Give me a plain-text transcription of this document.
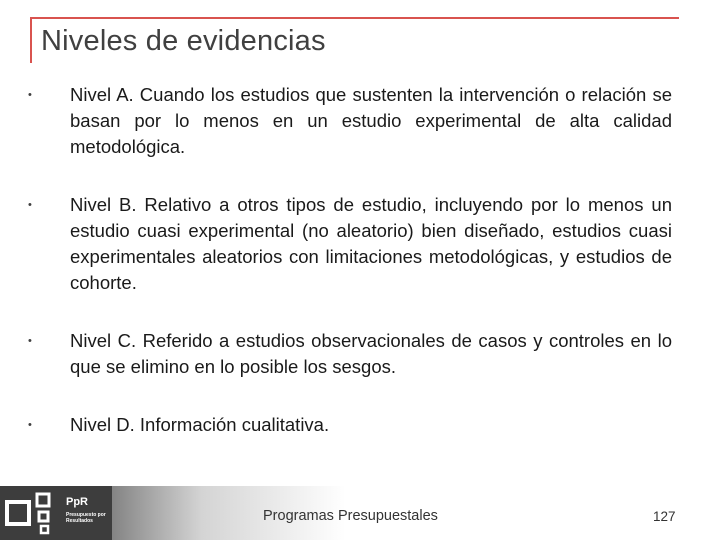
Niveles de evidencias
• Nivel A. Cuando los estudios que sustenten la intervención o relación se basan por lo menos en un estudio experimental de alta calidad metodológica.
• Nivel B. Relativo a otros tipos de estudio, incluyendo por lo menos un estudio cuasi experimental (no aleatorio) bien diseñado, estudios cuasi experimentales aleatorios con limitaciones metodológicas, y estudios de cohorte.
• Nivel C. Referido a estudios observacionales de casos y controles en lo que se elimino en lo posible los sesgos.
• Nivel D. Información cualitativa.
PpR
Presupuesto por Resultados	Programas Presupuestales	127
